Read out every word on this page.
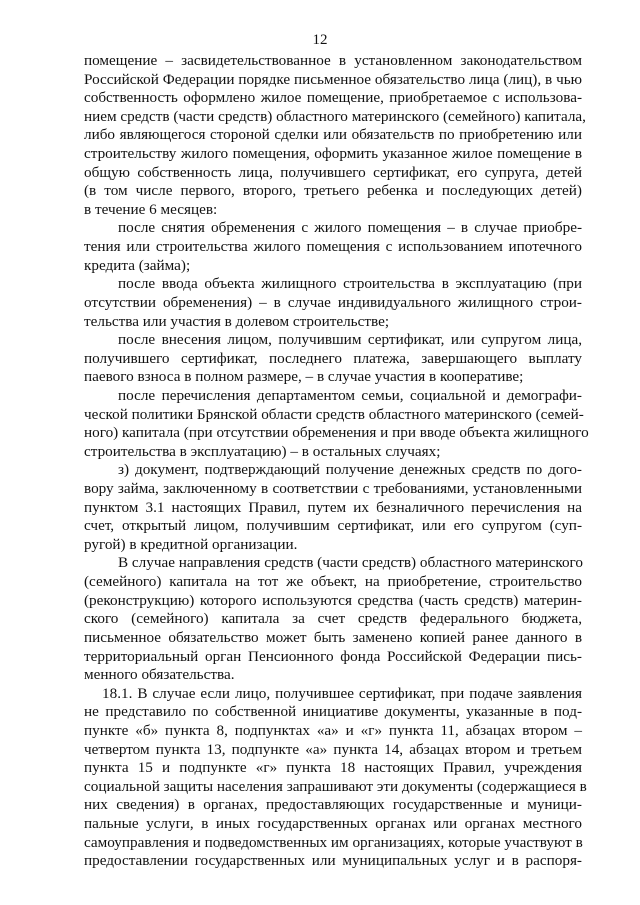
12
помещение – засвидетельствованное в установленном законодательством
Российской Федерации порядке письменное обязательство лица (лиц), в чью
собственность оформлено жилое помещение, приобретаемое с использова-
нием средств (части средств) областного материнского (семейного) капитала,
либо являющегося стороной сделки или обязательств по приобретению или
строительству жилого помещения, оформить указанное жилое помещение в
общую собственность лица, получившего сертификат, его супруга, детей
(в том числе первого, второго, третьего ребенка и последующих детей)
в течение 6 месяцев:
после снятия обременения с жилого помещения – в случае приобре-
тения или строительства жилого помещения с использованием ипотечного
кредита (займа);
после ввода объекта жилищного строительства в эксплуатацию (при
отсутствии обременения) – в случае индивидуального жилищного строи-
тельства или участия в долевом строительстве;
после внесения лицом, получившим сертификат, или супругом лица,
получившего сертификат, последнего платежа, завершающего выплату
паевого взноса в полном размере, – в случае участия в кооперативе;
после перечисления департаментом семьи, социальной и демографи-
ческой политики Брянской области средств областного материнского (семей-
ного) капитала (при отсутствии обременения и при вводе объекта жилищного
строительства в эксплуатацию) – в остальных случаях;
з) документ, подтверждающий получение денежных средств по дого-
вору займа, заключенному в соответствии с требованиями, установленными
пунктом 3.1 настоящих Правил, путем их безналичного перечисления на
счет, открытый лицом, получившим сертификат, или его супругом (суп-
ругой) в кредитной организации.
В случае направления средств (части средств) областного материнского
(семейного) капитала на тот же объект, на приобретение, строительство
(реконструкцию) которого используются средства (часть средств) материн-
ского (семейного) капитала за счет средств федерального бюджета,
письменное обязательство может быть заменено копией ранее данного в
территориальный орган Пенсионного фонда Российской Федерации пись-
менного обязательства.
18.1. В случае если лицо, получившее сертификат, при подаче заявления
не представило по собственной инициативе документы, указанные в под-
пункте «б» пункта 8, подпунктах «а» и «г» пункта 11, абзацах втором –
четвертом пункта 13, подпункте «а» пункта 14, абзацах втором и третьем
пункта 15 и подпункте «г» пункта 18 настоящих Правил, учреждения
социальной защиты населения запрашивают эти документы (содержащиеся в
них сведения) в органах, предоставляющих государственные и муници-
пальные услуги, в иных государственных органах или органах местного
самоуправления и подведомственных им организациях, которые участвуют в
предоставлении государственных или муниципальных услуг и в распоря-
